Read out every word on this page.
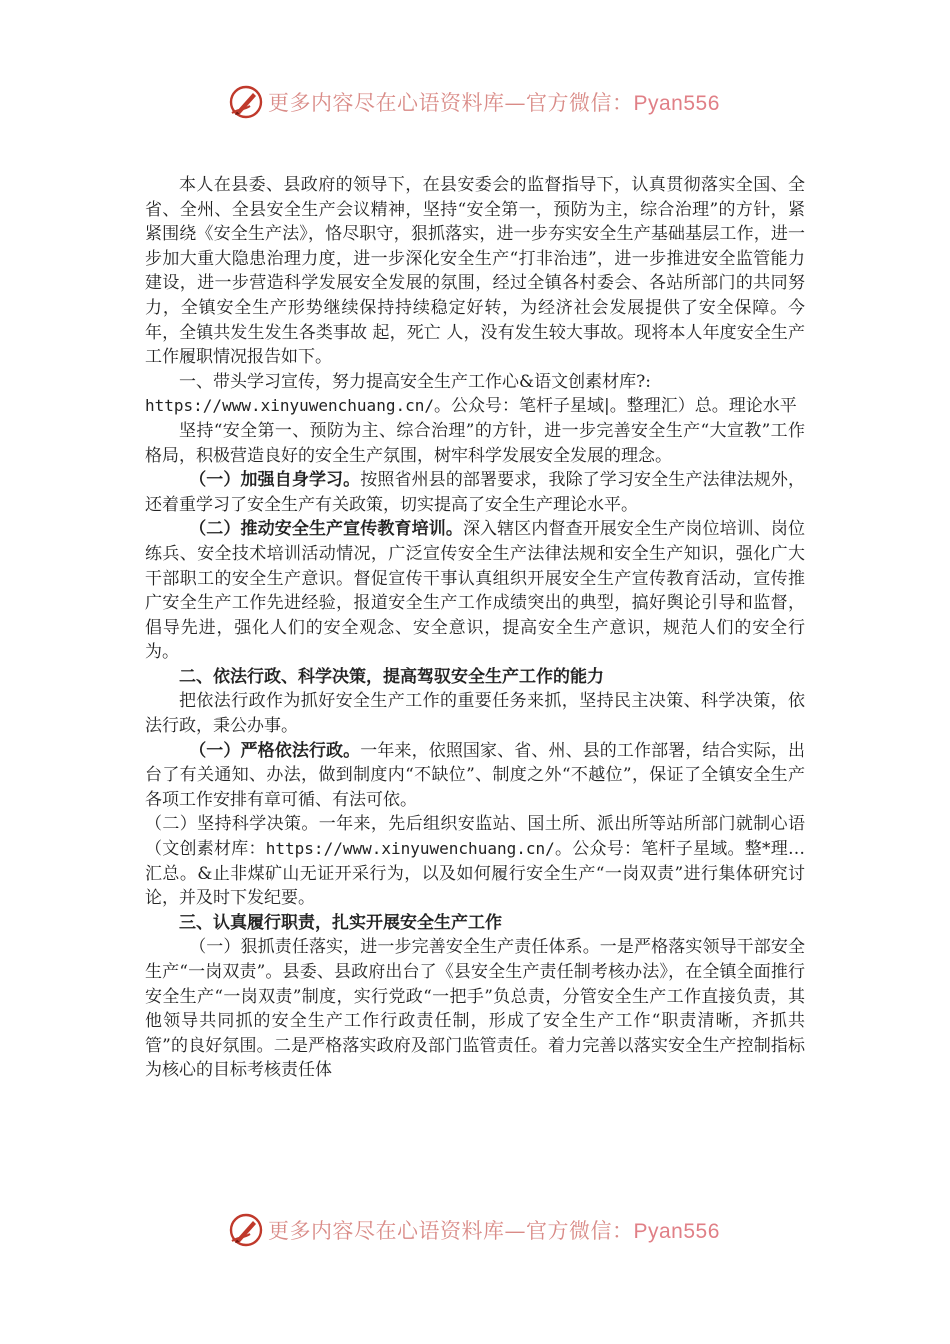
更多内容尽在心语资料库—官方微信：Pyan556

本人在县委、县政府的领导下，在县安委会的监督指导下，认真贯彻落实全国、全省、全州、全县安全生产会议精神，坚持“安全第一，预防为主，综合治理”的方针，紧紧围绕《安全生产法》，恪尽职守，狠抓落实，进一步夯实安全生产基础基层工作，进一步加大重大隐患治理力度，进一步深化安全生产“打非治违”，进一步推进安全监管能力建设，进一步营造科学发展安全发展的氛围，经过全镇各村委会、各站所部门的共同努力，全镇安全生产形势继续保持持续稳定好转，为经济社会发展提供了安全保障。今年，全镇共发生发生各类事故 起，死亡 人，没有发生较大事故。现将本人年度安全生产工作履职情况报告如下。

一、带头学习宣传，努力提高安全生产工作心&语文创素材库?:
https://www.xinyuwenchuang.cn/。公众号：笔杆子星域|。整理汇）总。理论水平

坚持“安全第一、预防为主、综合治理”的方针，进一步完善安全生产“大宣教”工作格局，积极营造良好的安全生产氛围，树牢科学发展安全发展的理念。

（一）加强自身学习。按照省州县的部署要求，我除了学习安全生产法律法规外，还着重学习了安全生产有关政策，切实提高了安全生产理论水平。

（二）推动安全生产宣传教育培训。深入辖区内督查开展安全生产岗位培训、岗位练兵、安全技术培训活动情况，广泛宣传安全生产法律法规和安全生产知识，强化广大干部职工的安全生产意识。督促宣传干事认真组织开展安全生产宣传教育活动，宣传推广安全生产工作先进经验，报道安全生产工作成绩突出的典型，搞好舆论引导和监督，倡导先进，强化人们的安全观念、安全意识，提高安全生产意识，规范人们的安全行为。

二、依法行政、科学决策，提高驾驭安全生产工作的能力

把依法行政作为抓好安全生产工作的重要任务来抓，坚持民主决策、科学决策，依法行政，秉公办事。

（一）严格依法行政。一年来，依照国家、省、州、县的工作部署，结合实际，出台了有关通知、办法，做到制度内“不缺位”、制度之外“不越位”，保证了全镇安全生产各项工作安排有章可循、有法可依。

（二）坚持科学决策。一年来，先后组织安监站、国土所、派出所等站所部门就制心语（文创素材库：https://www.xinyuwenchuang.cn/。公众号：笔杆子星域。整*理…汇总。&止非煤矿山无证开采行为，以及如何履行安全生产“一岗双责”进行集体研究讨论，并及时下发纪要。

三、认真履行职责，扎实开展安全生产工作

（一）狠抓责任落实，进一步完善安全生产责任体系。一是严格落实领导干部安全生产“一岗双责”。县委、县政府出台了《县安全生产责任制考核办法》，在全镇全面推行安全生产“一岗双责”制度，实行党政“一把手”负总责，分管安全生产工作直接负责，其他领导共同抓的安全生产工作行政责任制，形成了安全生产工作“职责清晰，齐抓共管”的良好氛围。二是严格落实政府及部门监管责任。着力完善以落实安全生产控制指标为核心的目标考核责任体

更多内容尽在心语资料库—官方微信：Pyan556
